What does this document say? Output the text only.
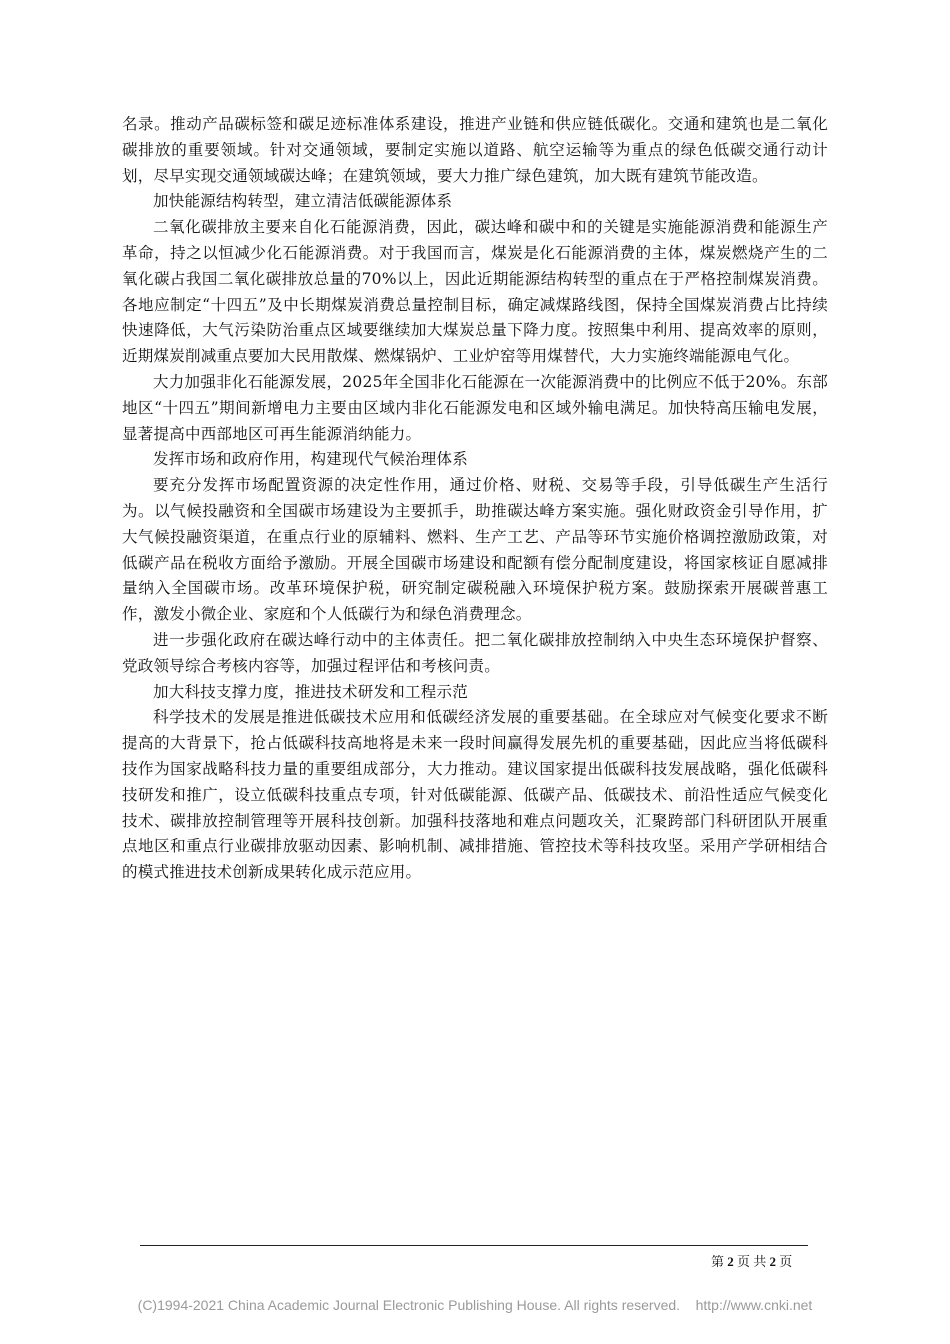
名录。推动产品碳标签和碳足迹标准体系建设，推进产业链和供应链低碳化。交通和建筑也是二氧化碳排放的重要领域。针对交通领域，要制定实施以道路、航空运输等为重点的绿色低碳交通行动计划，尽早实现交通领域碳达峰；在建筑领域，要大力推广绿色建筑，加大既有建筑节能改造。

加快能源结构转型，建立清洁低碳能源体系

二氧化碳排放主要来自化石能源消费，因此，碳达峰和碳中和的关键是实施能源消费和能源生产革命，持之以恒减少化石能源消费。对于我国而言，煤炭是化石能源消费的主体，煤炭燃烧产生的二氧化碳占我国二氧化碳排放总量的70%以上，因此近期能源结构转型的重点在于严格控制煤炭消费。各地应制定“十四五”及中长期煤炭消费总量控制目标，确定减煤路线图，保持全国煤炭消费占比持续快速降低，大气污染防治重点区域要继续加大煤炭总量下降力度。按照集中利用、提高效率的原则，近期煤炭削减重点要加大民用散煤、燃煤锅炉、工业炉窑等用煤替代，大力实施终端能源电气化。

大力加强非化石能源发展，2025年全国非化石能源在一次能源消费中的比例应不低于20%。东部地区“十四五”期间新增电力主要由区域内非化石能源发电和区域外输电满足。加快特高压输电发展，显著提高中西部地区可再生能源消纳能力。

发挥市场和政府作用，构建现代气候治理体系

要充分发挥市场配置资源的决定性作用，通过价格、财税、交易等手段，引导低碳生产生活行为。以气候投融资和全国碳市场建设为主要抓手，助推碳达峰方案实施。强化财政资金引导作用，扩大气候投融资渠道，在重点行业的原辅料、燃料、生产工艺、产品等环节实施价格调控激励政策，对低碳产品在税收方面给予激励。开展全国碳市场建设和配额有偿分配制度建设，将国家核证自愿减排量纳入全国碳市场。改革环境保护税，研究制定碳税融入环境保护税方案。鼓励探索开展碳普惠工作，激发小微企业、家庭和个人低碳行为和绿色消费理念。

进一步强化政府在碳达峰行动中的主体责任。把二氧化碳排放控制纳入中央生态环境保护督察、党政领导综合考核内容等，加强过程评估和考核问责。

加大科技支撑力度，推进技术研发和工程示范

科学技术的发展是推进低碳技术应用和低碳经济发展的重要基础。在全球应对气候变化要求不断提高的大背景下，抢占低碳科技高地将是未来一段时间赢得发展先机的重要基础，因此应当将低碳科技作为国家战略科技力量的重要组成部分，大力推动。建议国家提出低碳科技发展战略，强化低碳科技研发和推广，设立低碳科技重点专项，针对低碳能源、低碳产品、低碳技术、前沿性适应气候变化技术、碳排放控制管理等开展科技创新。加强科技落地和难点问题攻关，汇聚跨部门科研团队开展重点地区和重点行业碳排放驱动因素、影响机制、减排措施、管控技术等科技攻坚。采用产学研相结合的模式推进技术创新成果转化成示范应用。

第 2 页 共 2 页
(C)1994-2021 China Academic Journal Electronic Publishing House. All rights reserved.    http://www.cnki.net
